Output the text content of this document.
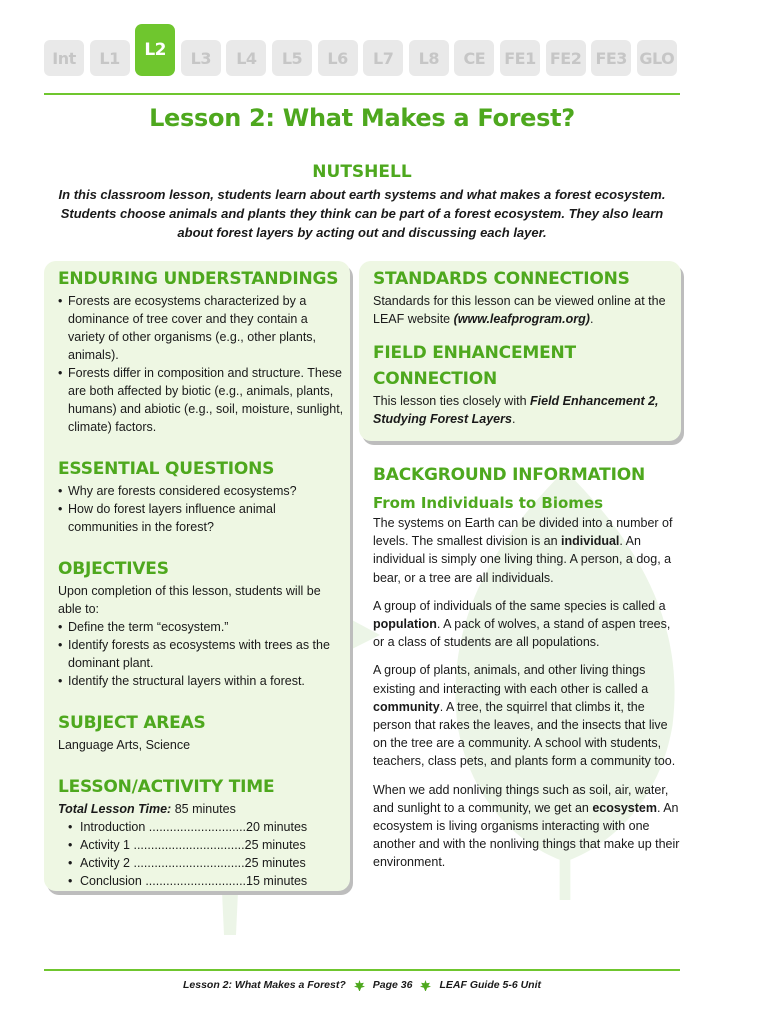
Int	L1	L2	L3	L4	L5	L6	L7	L8	CE	FE1 FE2 FE3 GLO
Lesson 2: What Makes a Forest?
NUTSHELL
In this classroom lesson, students learn about earth systems and what makes a forest ecosystem. Students choose animals and plants they think can be part of a forest ecosystem. They also learn about forest layers by acting out and discussing each layer.
ENDURING UNDERSTANDINGS
• Forests are ecosystems characterized by a dominance of tree cover and they contain a variety of other organisms (e.g., other plants, animals).
• Forests differ in composition and structure. These are both affected by biotic (e.g., animals, plants, humans) and abiotic (e.g., soil, moisture, sunlight, climate) factors.
ESSENTIAL QUESTIONS
• Why are forests considered ecosystems?
• How do forest layers influence animal communities in the forest?
OBJECTIVES
Upon completion of this lesson, students will be able to:
• Define the term “ecosystem.”
• Identify forests as ecosystems with trees as the dominant plant.
• Identify the structural layers within a forest.
SUBJECT AREAS
Language Arts, Science
LESSON/ACTIVITY TIME
Total Lesson Time: 85 minutes
• Introduction ............................20 minutes
• Activity 1 ................................25 minutes
• Activity 2 ................................25 minutes
• Conclusion .............................15 minutes
STANDARDS CONNECTIONS
Standards for this lesson can be viewed online at the LEAF website (www.leafprogram.org).
FIELD ENHANCEMENT
CONNECTION
This lesson ties closely with Field Enhancement 2, Studying Forest Layers.
BACKGROUND INFORMATION
From Individuals to Biomes
The systems on Earth can be divided into a number of levels. The smallest division is an individual. An individual is simply one living thing. A person, a dog, a bear, or a tree are all individuals.
A group of individuals of the same species is called a population. A pack of wolves, a stand of aspen trees, or a class of students are all populations.
A group of plants, animals, and other living things existing and interacting with each other is called a community. A tree, the squirrel that climbs it, the person that rakes the leaves, and the insects that live on the tree are a community. A school with students, teachers, class pets, and plants form a community too.
When we add nonliving things such as soil, air, water, and sunlight to a community, we get an ecosystem. An ecosystem is living organisms interacting with one another and with the nonliving things that make up their environment.
Lesson 2: What Makes a Forest?	Page 36	LEAF Guide 5-6 Unit
